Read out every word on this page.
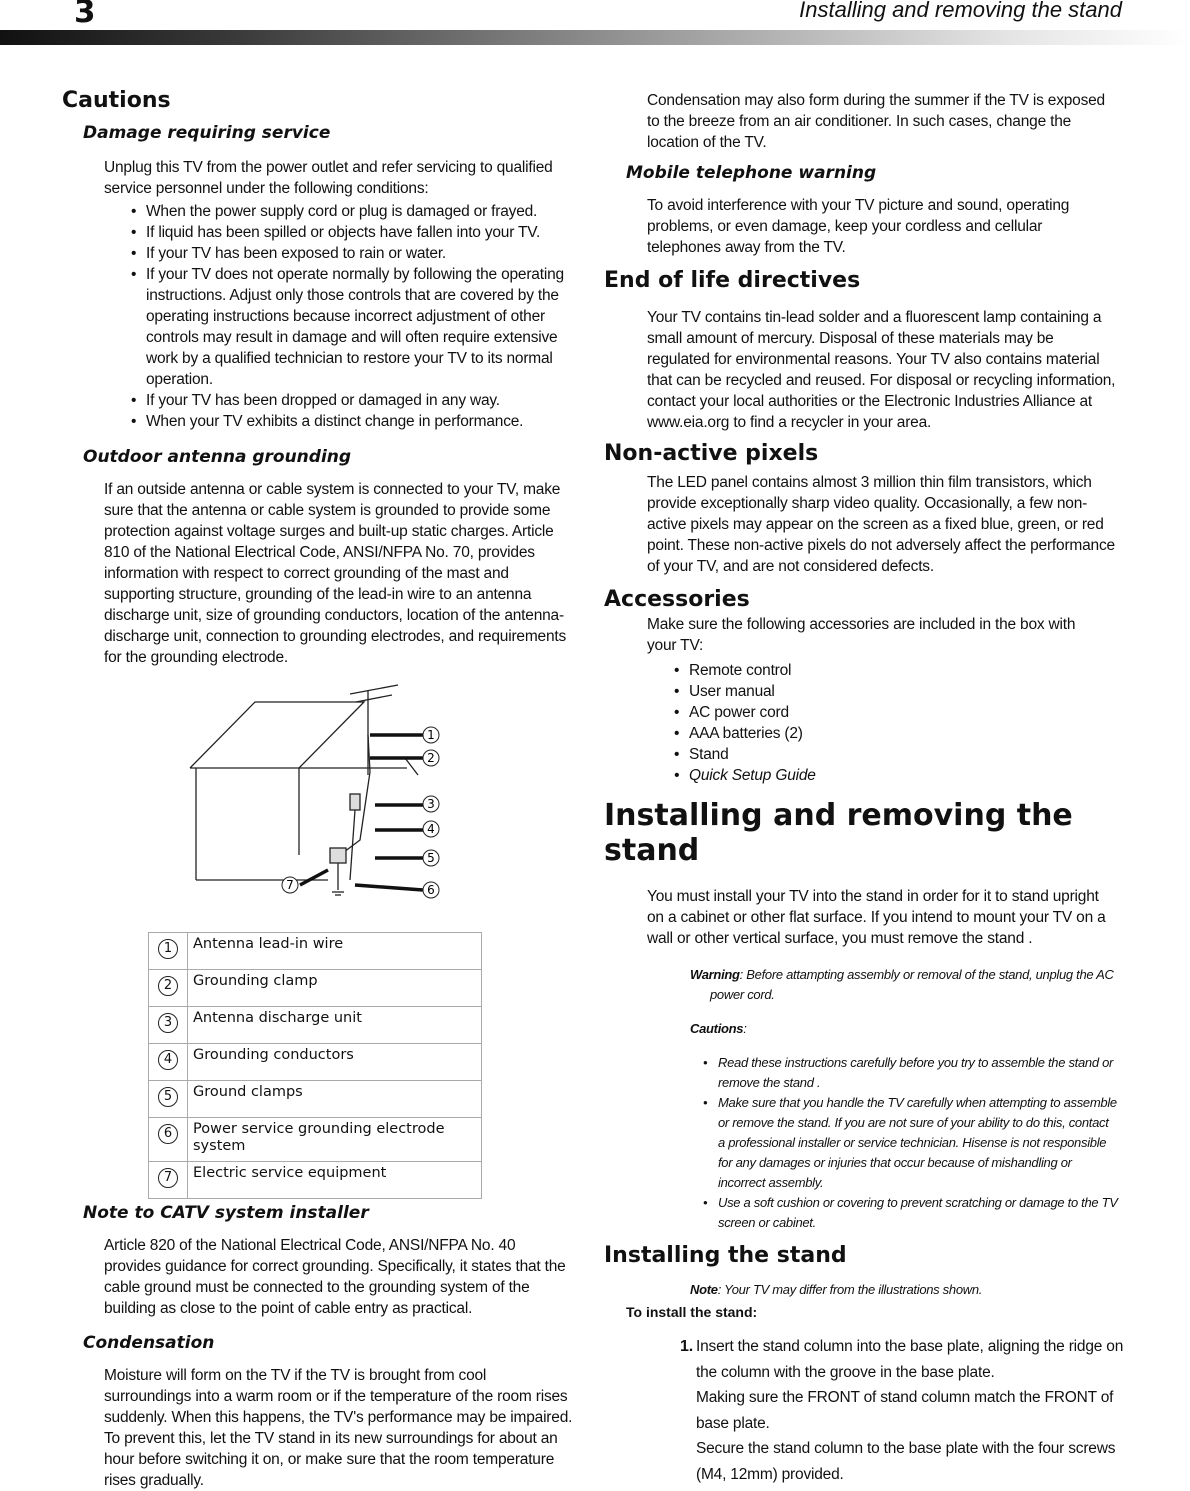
3	Installing and removing the stand
Cautions
Damage requiring service
Unplug this TV from the power outlet and refer servicing to qualified service personnel under the following conditions:
• When the power supply cord or plug is damaged or frayed.
• If liquid has been spilled or objects have fallen into your TV.
• If your TV has been exposed to rain or water.
• If your TV does not operate normally by following the operating instructions. Adjust only those controls that are covered by the operating instructions because incorrect adjustment of other controls may result in damage and will often require extensive work by a qualified technician to restore your TV to its normal operation.
• If your TV has been dropped or damaged in any way.
• When your TV exhibits a distinct change in performance.
Outdoor antenna grounding
If an outside antenna or cable system is connected to your TV, make sure that the antenna or cable system is grounded to provide some protection against voltage surges and built-up static charges. Article 810 of the National Electrical Code, ANSI/NFPA No. 70, provides information with respect to correct grounding of the mast and supporting structure, grounding of the lead-in wire to an antenna discharge unit, size of grounding conductors, location of the antenna-discharge unit, connection to grounding electrodes, and requirements for the grounding electrode.
1
2
3
4
5
6
7
1	Antenna lead-in wire
2	Grounding clamp
3	Antenna discharge unit
4	Grounding conductors
5	Ground clamps
6	Power service grounding electrode system
7	Electric service equipment
Note to CATV system installer
Article 820 of the National Electrical Code, ANSI/NFPA No. 40 provides guidance for correct grounding. Specifically, it states that the cable ground must be connected to the grounding system of the building as close to the point of cable entry as practical.
Condensation
Moisture will form on the TV if the TV is brought from cool surroundings into a warm room or if the temperature of the room rises suddenly. When this happens, the TV's performance may be impaired. To prevent this, let the TV stand in its new surroundings for about an hour before switching it on, or make sure that the room temperature rises gradually.
Condensation may also form during the summer if the TV is exposed to the breeze from an air conditioner. In such cases, change the location of the TV.
Mobile telephone warning
To avoid interference with your TV picture and sound, operating problems, or even damage, keep your cordless and cellular telephones away from the TV.
End of life directives
Your TV contains tin-lead solder and a fluorescent lamp containing a small amount of mercury. Disposal of these materials may be regulated for environmental reasons. Your TV also contains material that can be recycled and reused. For disposal or recycling information, contact your local authorities or the Electronic Industries Alliance at www.eia.org to find a recycler in your area.
Non-active pixels
The LED panel contains almost 3 million thin film transistors, which provide exceptionally sharp video quality. Occasionally, a few non-active pixels may appear on the screen as a fixed blue, green, or red point. These non-active pixels do not adversely affect the performance of your TV, and are not considered defects.
Accessories
Make sure the following accessories are included in the box with your TV:
• Remote control
• User manual
• AC power cord
• AAA batteries (2)
• Stand
• Quick Setup Guide
Installing and removing the stand
You must install your TV into the stand in order for it to stand upright on a cabinet or other flat surface. If you intend to mount your TV on a wall or other vertical surface, you must remove the stand .
Warning: Before attampting assembly or removal of the stand, unplug the AC power cord.
Cautions:
• Read these instructions carefully before you try to assemble the stand or remove the stand .
• Make sure that you handle the TV carefully when attempting to assemble or remove the stand. If you are not sure of your ability to do this, contact a professional installer or service technician. Hisense is not responsible for any damages or injuries that occur because of mishandling or incorrect assembly.
• Use a soft cushion or covering to prevent scratching or damage to the TV screen or cabinet.
Installing the stand
Note: Your TV may differ from the illustrations shown.
To install the stand:
1. Insert the stand column into the base plate, aligning the ridge on the column with the groove in the base plate.
Making sure the FRONT of stand column match the FRONT of base plate.
Secure the stand column to the base plate with the four screws (M4, 12mm) provided.
